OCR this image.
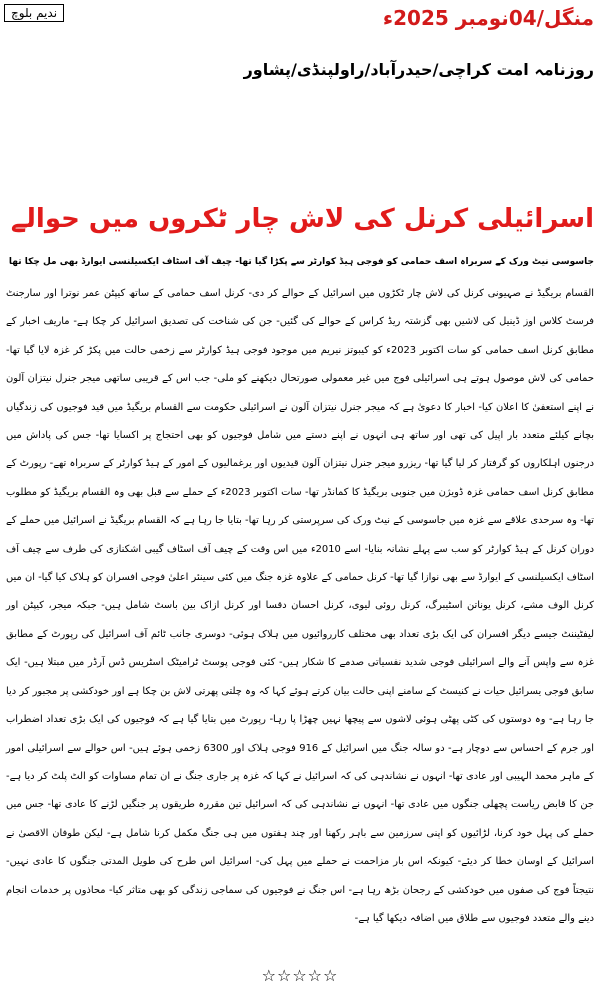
ندیم بلوچ	منگل/04نومبر 2025ء
روزنامہ امت کراچی/حیدرآباد/راولپنڈی/پشاور
اسرائیلی کرنل کی لاش چار ٹکروں میں حوالے
جاسوسی نیٹ ورک کے سربراہ اسف حمامی کو فوجی ہیڈ کوارٹر سے پکڑا گیا تھا- چیف آف اسٹاف ایکسیلنسی ایوارڈ بھی مل چکا تھا
القسام بریگیڈ نے صہیونی کرنل کی لاش چار ٹکڑوں میں اسرائیل کے حوالے کر دی- کرنل اسف حمامی کے ساتھ کیپٹن عمر نوترا اور سارجنٹ فرسٹ کلاس اوز ڈینیل کی لاشیں بھی گزشتہ ریڈ کراس کے حوالے کی گئیں- جن کی شناخت کی تصدیق اسرائیل کر چکا ہے- ماریف اخبار کے مطابق کرنل اسف حمامی کو سات اکتوبر 2023ء کو کیبوتز نیریم میں موجود فوجی ہیڈ کوارٹر سے زخمی حالت میں پکڑ کر غزہ لایا گیا تھا- حمامی کی لاش موصول ہوتے ہی اسرائیلی فوج میں غیر معمولی صورتحال دیکھنے کو ملی- جب اس کے قریبی ساتھی میجر جنرل نیتزان آلون نے اپنے استعفیٰ کا اعلان کیا- اخبار کا دعویٰ ہے کہ میجر جنرل نیتزان آلون نے اسرائیلی حکومت سے القسام بریگیڈ میں قید فوجیوں کی زندگیاں بچانے کیلئے متعدد بار اپیل کی تھی اور ساتھ ہی انہوں نے اپنے دستے میں شامل فوجیوں کو بھی احتجاج پر اکسایا تھا- جس کی پاداش میں درجنوں اہلکاروں کو گرفتار کر لیا گیا تھا- ریزرو میجر جنرل نیتزان آلون قیدیوں اور یرغمالیوں کے امور کے ہیڈ کوارٹر کے سربراہ تھے- رپورٹ کے مطابق کرنل اسف حمامی غزہ ڈویژن میں جنوبی بریگیڈ کا کمانڈر تھا- سات اکتوبر 2023ء کے حملے سے قبل بھی وہ القسام بریگیڈ کو مطلوب تھا- وہ سرحدی علاقے سے غزہ میں جاسوسی کے نیٹ ورک کی سرپرستی کر رہا تھا- بتایا جا رہا ہے کہ القسام بریگیڈ نے اسرائیل میں حملے کے دوران کرنل کے ہیڈ کوارٹر کو سب سے پہلے نشانہ بنایا- اسے 2010ء میں اس وقت کے چیف آف اسٹاف گیبی اشکنازی کی طرف سے چیف آف اسٹاف ایکسیلنسی کے ایوارڈ سے بھی نوازا گیا تھا- کرنل حمامی کے علاوہ غزہ جنگ میں کئی سینئر اعلیٰ فوجی افسران کو ہلاک کیا گیا- ان میں کرنل الوف مشے، کرنل یوناتن اسٹیبرگ، کرنل روئی لیوی، کرنل احسان دقسا اور کرنل ازاک بین باسٹ شامل ہیں- جبکہ میجر، کیپٹن اور لیفٹیننٹ جیسے دیگر افسران کی ایک بڑی تعداد بھی مختلف کارروائیوں میں ہلاک ہوئی- دوسری جانب ٹائم آف اسرائیل کی رپورٹ کے مطابق غزہ سے واپس آنے والے اسرائیلی فوجی شدید نفسیاتی صدمے کا شکار ہیں- کئی فوجی پوسٹ ٹرامیٹک اسٹریس ڈس آرڈر میں مبتلا ہیں- ایک سابق فوجی یسرائیل حیات نے کنیسٹ کے سامنے اپنی حالت بیان کرتے ہوئے کہا کہ وہ چلتی پھرتی لاش بن چکا ہے اور خودکشی پر مجبور کر دیا جا رہا ہے- وہ دوستوں کی کٹی پھٹی ہوئی لاشوں سے پیچھا نہیں چھڑا پا رہا- رپورٹ میں بتایا گیا ہے کہ فوجیوں کی ایک بڑی تعداد اضطراب اور جرم کے احساس سے دوچار ہے- دو سالہ جنگ میں اسرائیل کے 916 فوجی ہلاک اور 6300 زخمی ہوئے ہیں- اس حوالے سے اسرائیلی امور کے ماہر محمد الہیبی اور عادی تھا- انہوں نے نشاندہی کی کہ اسرائیل نے کہا کہ غزہ پر جاری جنگ نے ان تمام مساوات کو الٹ پلٹ کر دیا ہے- جن کا قابض ریاست پچھلی جنگوں میں عادی تھا- انہوں نے نشاندہی کی کہ اسرائیل تین مقررہ طریقوں پر جنگیں لڑنے کا عادی تھا- جس میں حملے کی پہل خود کرنا، لڑائیوں کو اپنی سرزمین سے باہر رکھنا اور چند ہفتوں میں ہی جنگ مکمل کرنا شامل ہے- لیکن طوفان الاقصیٰ نے اسرائیل کے اوسان خطا کر دیئے- کیونکہ اس بار مزاحمت نے حملے میں پہل کی- اسرائیل اس طرح کی طویل المدتی جنگوں کا عادی نہیں- نتیجتاً فوج کی صفوں میں خودکشی کے رجحان بڑھ رہا ہے- اس جنگ نے فوجیوں کی سماجی زندگی کو بھی متاثر کیا- محاذوں پر خدمات انجام دینے والے متعدد فوجیوں سے طلاق میں اضافہ دیکھا گیا ہے-
☆☆☆☆☆
